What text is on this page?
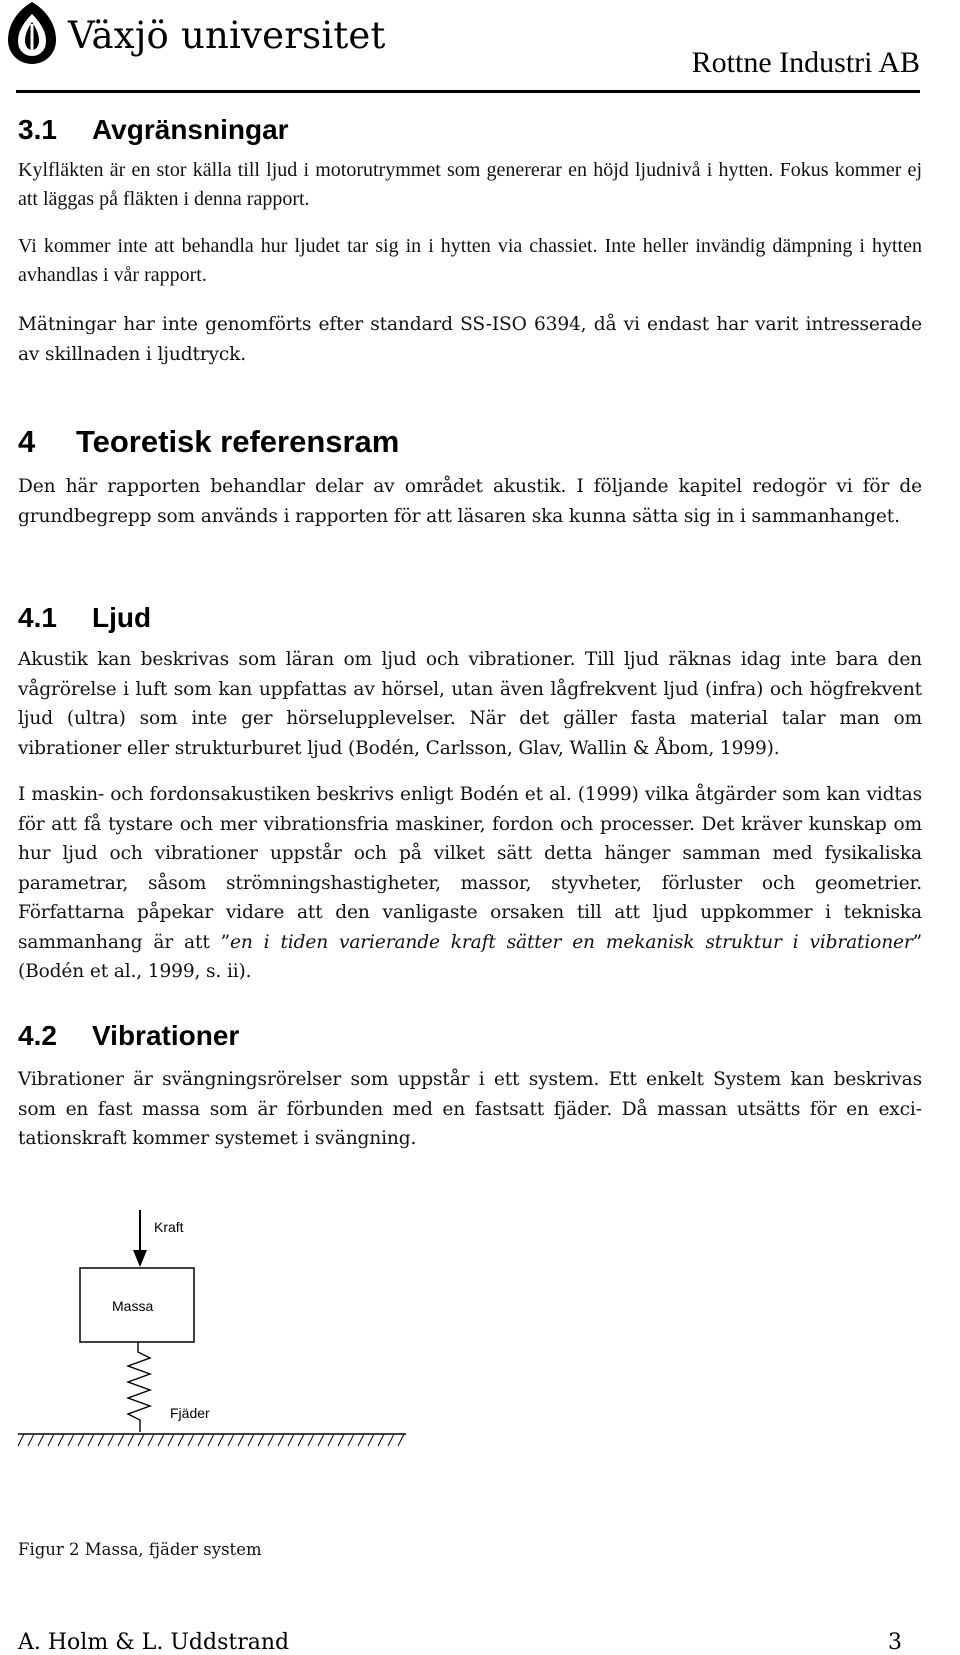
Växjö universitet
Rottne Industri AB
3.1 Avgränsningar

Kylfläkten är en stor källa till ljud i motorutrymmet som genererar en höjd ljudnivå i hytten. Fokus kommer ej att läggas på fläkten i denna rapport.

Vi kommer inte att behandla hur ljudet tar sig in i hytten via chassiet. Inte heller invändig dämpning i hytten avhandlas i vår rapport.

Mätningar har inte genomförts efter standard SS-ISO 6394, då vi endast har varit intresserade av skillnaden i ljudtryck.

4 Teoretisk referensram

Den här rapporten behandlar delar av området akustik. I följande kapitel redogör vi för de grundbegrepp som används i rapporten för att läsaren ska kunna sätta sig in i sammanhanget.

4.1 Ljud

Akustik kan beskrivas som läran om ljud och vibrationer. Till ljud räknas idag inte bara den vågrörelse i luft som kan uppfattas av hörsel, utan även lågfrekvent ljud (infra) och högfrekvent ljud (ultra) som inte ger hörselupplevelser. När det gäller fasta material talar man om vibrationer eller strukturburet ljud (Bodén, Carlsson, Glav, Wallin & Åbom, 1999).

I maskin- och fordonsakustiken beskrivs enligt Bodén et al. (1999) vilka åtgärder som kan vidtas för att få tystare och mer vibrationsfria maskiner, fordon och processer. Det kräver kunskap om hur ljud och vibrationer uppstår och på vilket sätt detta hänger samman med fysikaliska parametrar, såsom strömningshastigheter, massor, styvheter, förluster och geometrier. Författarna påpekar vidare att den vanligaste orsaken till att ljud uppkommer i tekniska sammanhang är att ”en i tiden varierande kraft sätter en mekanisk struktur i vibrationer” (Bodén et al., 1999, s. ii).

4.2 Vibrationer

Vibrationer är svängningsrörelser som uppstår i ett system. Ett enkelt System kan beskrivas som en fast massa som är förbunden med en fastsatt fjäder. Då massan utsätts för en excitationskraft kommer systemet i svängning.

Kraft
Massa
Fjäder
Figur 2 Massa, fjäder system
A. Holm & L. Uddstrand	3
